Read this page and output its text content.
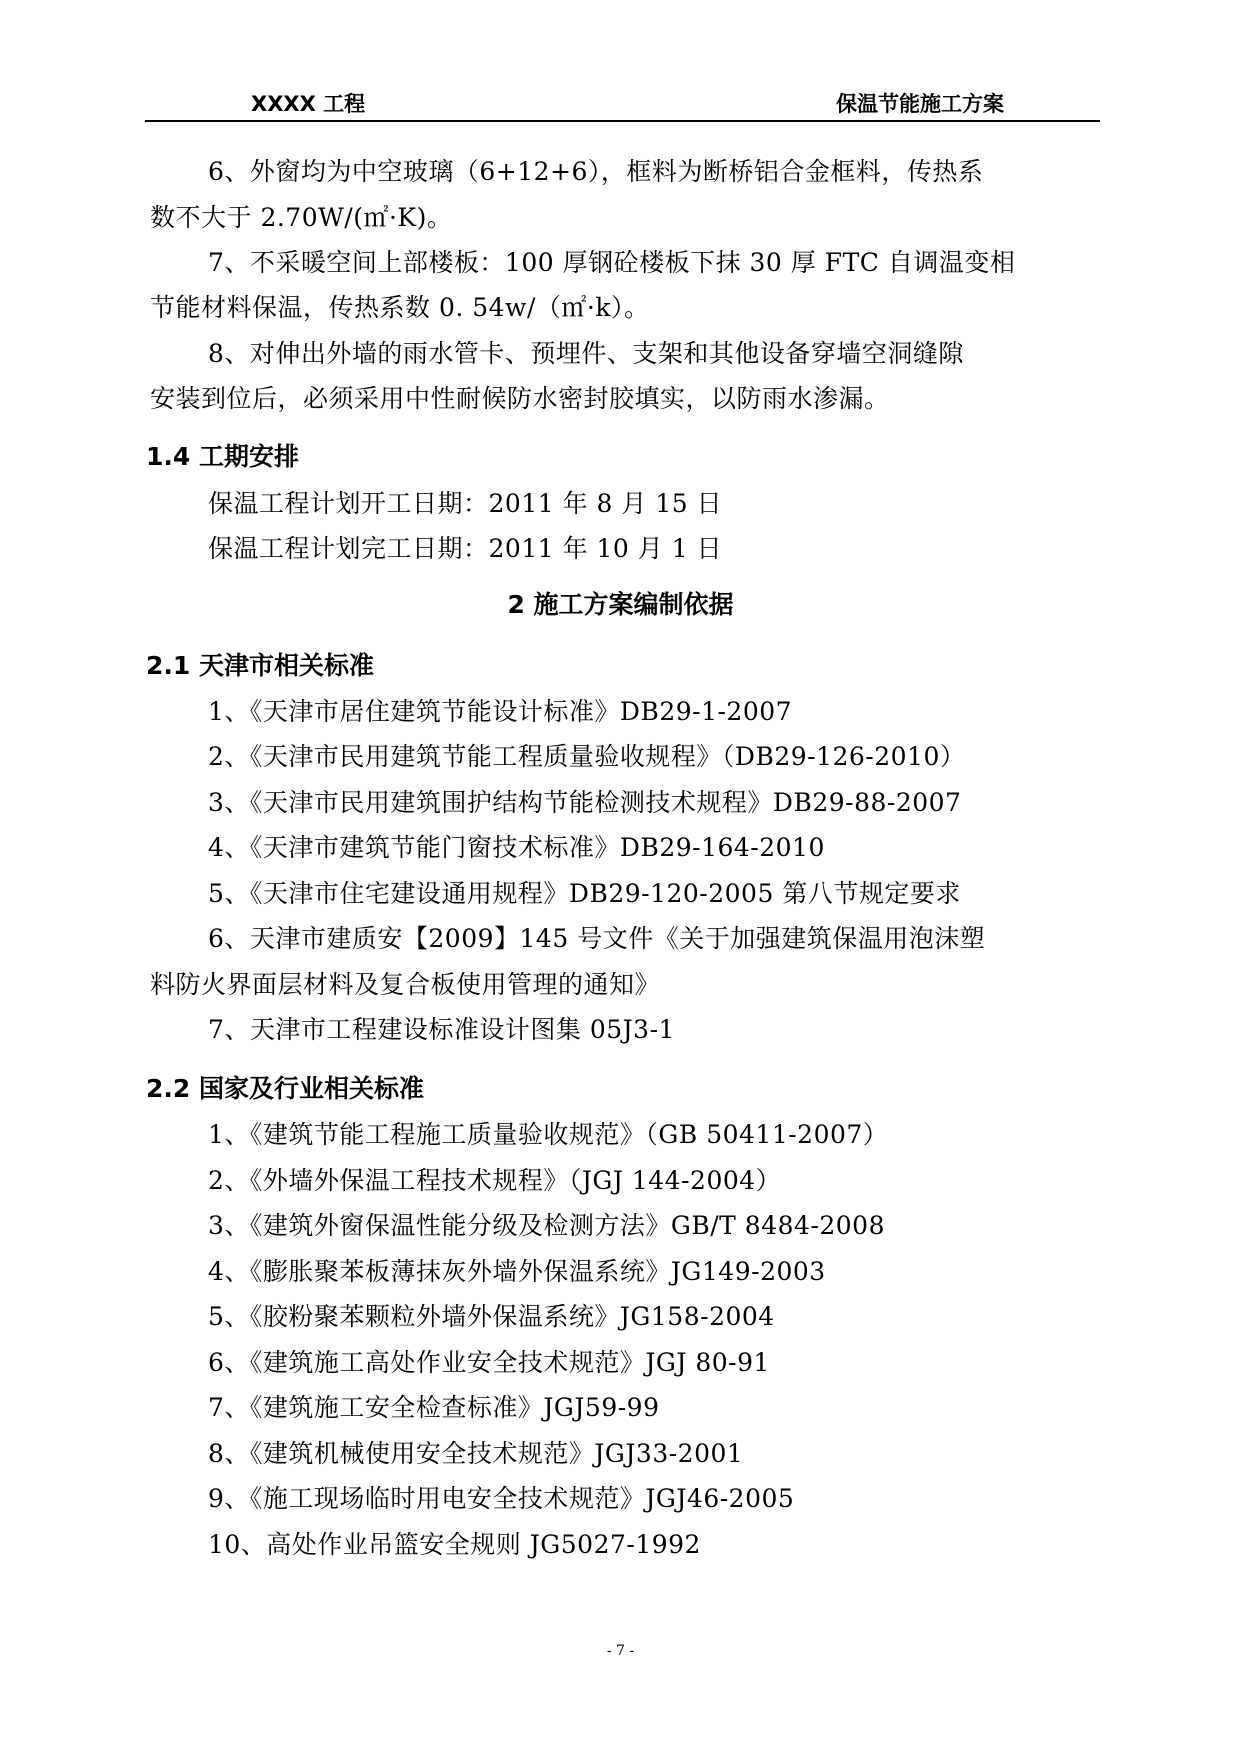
XXXX 工程	保温节能施工方案
6、外窗均为中空玻璃（6+12+6），框料为断桥铝合金框料，传热系
数不大于 2.70W/(㎡·K)。
7、不采暖空间上部楼板：100 厚钢砼楼板下抹 30 厚 FTC 自调温变相
节能材料保温，传热系数 0. 54w/（㎡·k）。
8、对伸出外墙的雨水管卡、预埋件、支架和其他设备穿墙空洞缝隙
安装到位后，必须采用中性耐候防水密封胶填实，以防雨水渗漏。
1.4 工期安排
保温工程计划开工日期：2011 年 8 月 15 日
保温工程计划完工日期：2011 年 10 月 1 日
2 施工方案编制依据
2.1 天津市相关标准
1、《天津市居住建筑节能设计标准》DB29-1-2007
2、《天津市民用建筑节能工程质量验收规程》（DB29-126-2010）
3、《天津市民用建筑围护结构节能检测技术规程》DB29-88-2007
4、《天津市建筑节能门窗技术标准》DB29-164-2010
5、《天津市住宅建设通用规程》DB29-120-2005 第八节规定要求
6、天津市建质安【2009】145 号文件《关于加强建筑保温用泡沫塑
料防火界面层材料及复合板使用管理的通知》
7、天津市工程建设标准设计图集 05J3-1
2.2 国家及行业相关标准
1、《建筑节能工程施工质量验收规范》（GB 50411-2007）
2、《外墙外保温工程技术规程》（JGJ 144-2004）
3、《建筑外窗保温性能分级及检测方法》GB/T 8484-2008
4、《膨胀聚苯板薄抹灰外墙外保温系统》JG149-2003
5、《胶粉聚苯颗粒外墙外保温系统》JG158-2004
6、《建筑施工高处作业安全技术规范》JGJ 80-91
7、《建筑施工安全检查标准》JGJ59-99
8、《建筑机械使用安全技术规范》JGJ33-2001
9、《施工现场临时用电安全技术规范》JGJ46-2005
10、高处作业吊篮安全规则 JG5027-1992
- 7 -
